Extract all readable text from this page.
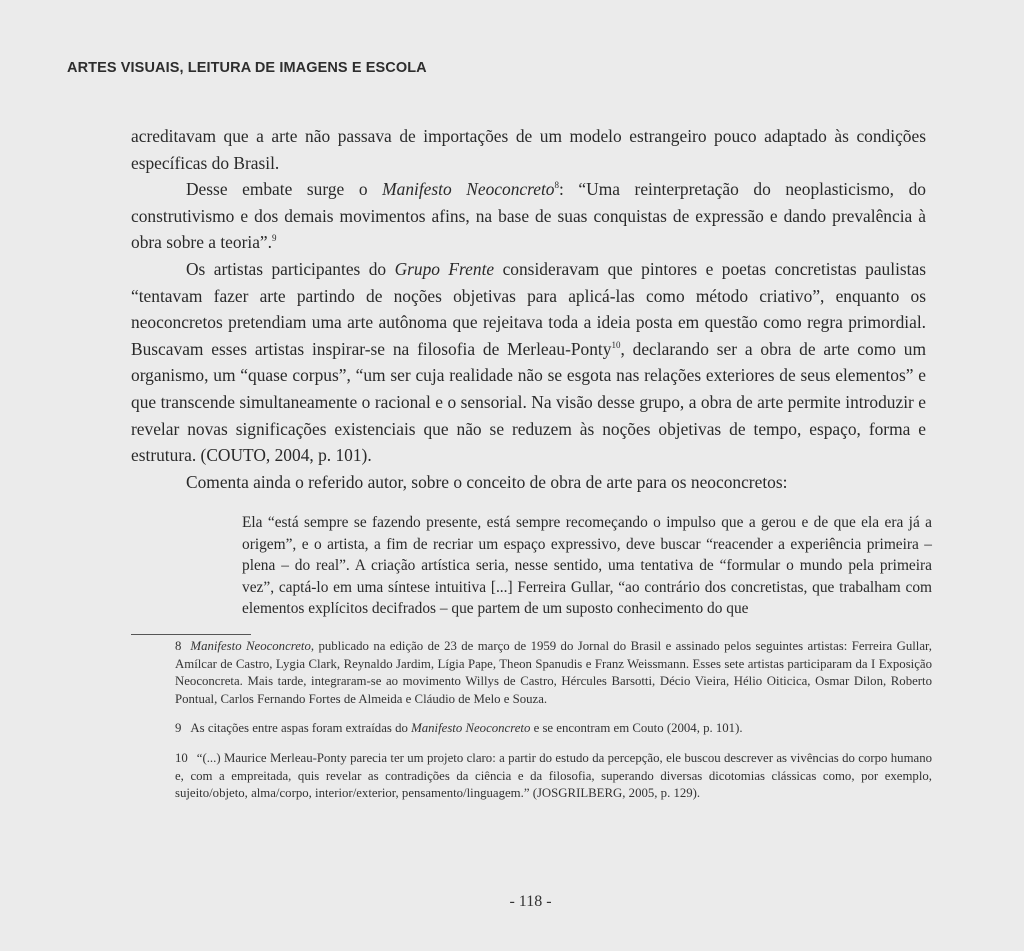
ARTES VISUAIS, LEITURA DE IMAGENS E ESCOLA

acreditavam que a arte não passava de importações de um modelo estrangeiro pouco adaptado às condições específicas do Brasil.

Desse embate surge o Manifesto Neoconcreto$^8$: “Uma reinterpretação do neoplasticismo, do construtivismo e dos demais movimentos afins, na base de suas conquistas de expressão e dando prevalência à obra sobre a teoria”.$^9$

Os artistas participantes do Grupo Frente consideravam que pintores e poetas concretistas paulistas “tentavam fazer arte partindo de noções objetivas para aplicá-las como método criativo”, enquanto os neoconcretos pretendiam uma arte autônoma que rejeitava toda a ideia posta em questão como regra primordial. Buscavam esses artistas inspirar-se na filosofia de Merleau-Ponty$^{10}$, declarando ser a obra de arte como um organismo, um “quase corpus”, “um ser cuja realidade não se esgota nas relações exteriores de seus elementos” e que transcende simultaneamente o racional e o sensorial. Na visão desse grupo, a obra de arte permite introduzir e revelar novas significações existenciais que não se reduzem às noções objetivas de tempo, espaço, forma e estrutura. (COUTO, 2004, p. 101).

Comenta ainda o referido autor, sobre o conceito de obra de arte para os neoconcretos:

Ela “está sempre se fazendo presente, está sempre recomeçando o impulso que a gerou e de que ela era já a origem”, e o artista, a fim de recriar um espaço expressivo, deve buscar “reacender a experiência primeira – plena – do real”. A criação artística seria, nesse sentido, uma tentativa de “formular o mundo pela primeira vez”, captá-lo em uma síntese intuitiva [...] Ferreira Gullar, “ao contrário dos concretistas, que trabalham com elementos explícitos decifrados – que partem de um suposto conhecimento do que

8 Manifesto Neoconcreto, publicado na edição de 23 de março de 1959 do Jornal do Brasil e assinado pelos seguintes artistas: Ferreira Gullar, Amílcar de Castro, Lygia Clark, Reynaldo Jardim, Lígia Pape, Theon Spanudis e Franz Weissmann. Esses sete artistas participaram da I Exposição Neoconcreta. Mais tarde, integraram-se ao movimento Willys de Castro, Hércules Barsotti, Décio Vieira, Hélio Oiticica, Osmar Dilon, Roberto Pontual, Carlos Fernando Fortes de Almeida e Cláudio de Melo e Souza.

9 As citações entre aspas foram extraídas do Manifesto Neoconcreto e se encontram em Couto (2004, p. 101).

10 “(...) Maurice Merleau-Ponty parecia ter um projeto claro: a partir do estudo da percepção, ele buscou descrever as vivências do corpo humano e, com a empreitada, quis revelar as contradições da ciência e da filosofia, superando diversas dicotomias clássicas como, por exemplo, sujeito/objeto, alma/corpo, interior/exterior, pensamento/linguagem.” (JOSGRILBERG, 2005, p. 129).

- 118 -
